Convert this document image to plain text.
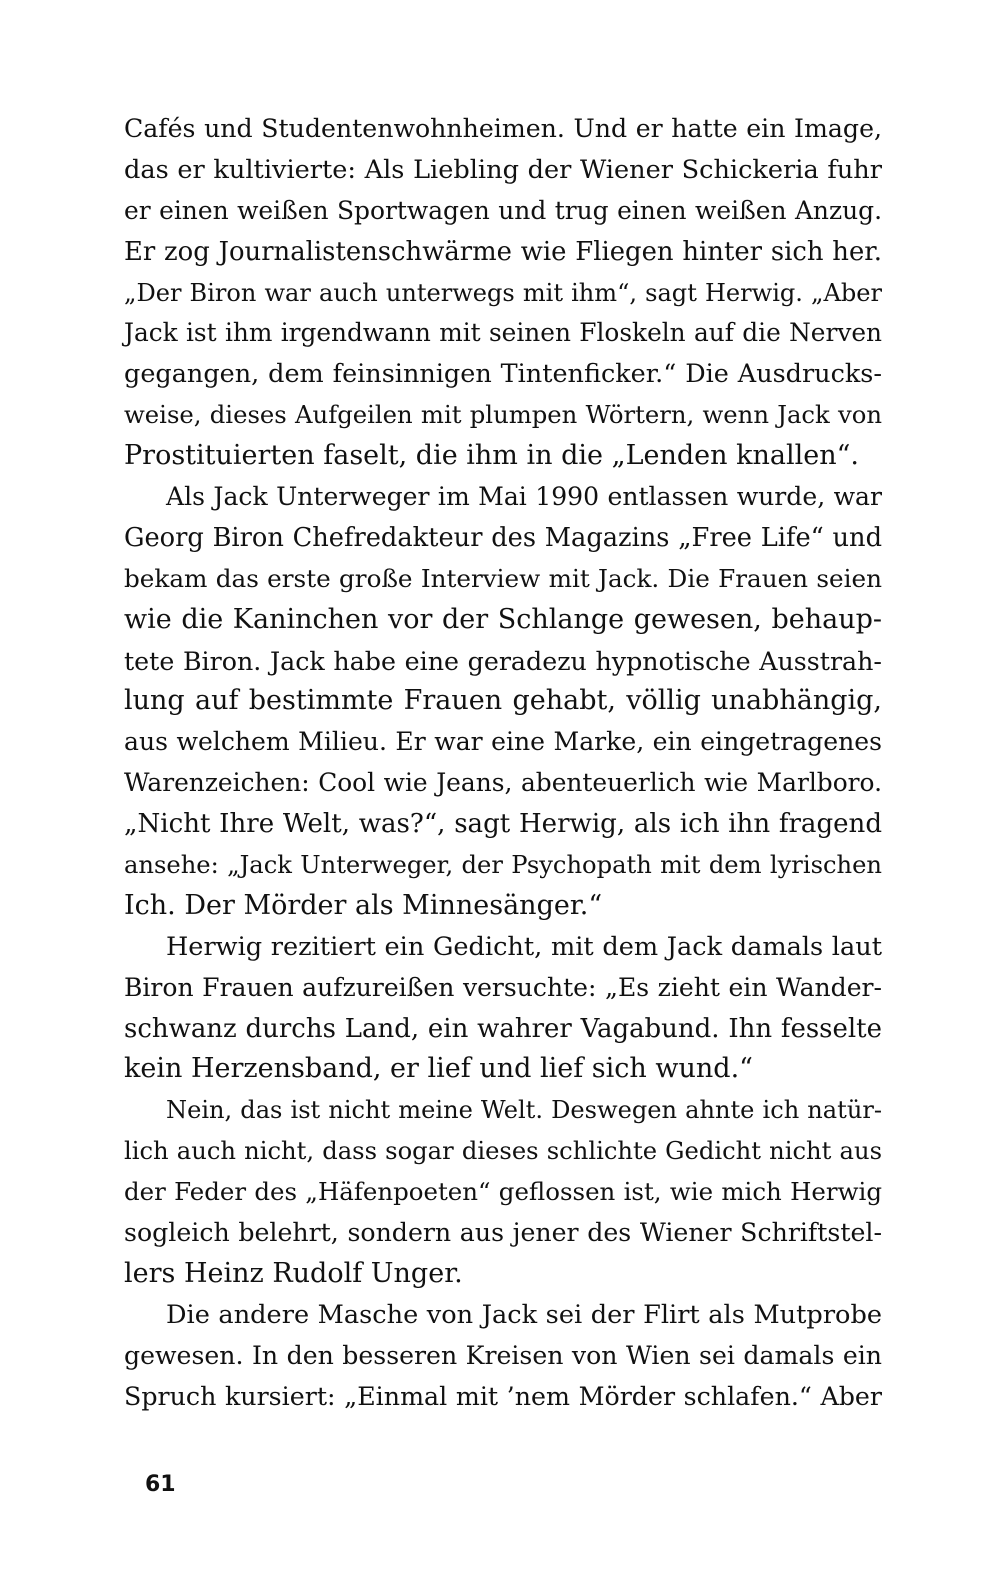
Cafés und Studentenwohnheimen. Und er hatte ein Image,
das er kultivierte: Als Liebling der Wiener Schickeria fuhr
er einen weißen Sportwagen und trug einen weißen Anzug.
Er zog Journalistenschwärme wie Fliegen hinter sich her.
„Der Biron war auch unterwegs mit ihm“, sagt Herwig. „Aber
Jack ist ihm irgendwann mit seinen Floskeln auf die Nerven
gegangen, dem feinsinnigen Tintenficker.“ Die Ausdrucks-
weise, dieses Aufgeilen mit plumpen Wörtern, wenn Jack von
Prostituierten faselt, die ihm in die „Lenden knallen“.
Als Jack Unterweger im Mai 1990 entlassen wurde, war
Georg Biron Chefredakteur des Magazins „Free Life“ und
bekam das erste große Interview mit Jack. Die Frauen seien
wie die Kaninchen vor der Schlange gewesen, behaup-
tete Biron. Jack habe eine geradezu hypnotische Ausstrah-
lung auf bestimmte Frauen gehabt, völlig unabhängig,
aus welchem Milieu. Er war eine Marke, ein eingetragenes
Warenzeichen: Cool wie Jeans, abenteuerlich wie Marlboro.
„Nicht Ihre Welt, was?“, sagt Herwig, als ich ihn fragend
ansehe: „Jack Unterweger, der Psychopath mit dem lyrischen
Ich. Der Mörder als Minnesänger.“
Herwig rezitiert ein Gedicht, mit dem Jack damals laut
Biron Frauen aufzureißen versuchte: „Es zieht ein Wander-
schwanz durchs Land, ein wahrer Vagabund. Ihn fesselte
kein Herzensband, er lief und lief sich wund.“
Nein, das ist nicht meine Welt. Deswegen ahnte ich natür-
lich auch nicht, dass sogar dieses schlichte Gedicht nicht aus
der Feder des „Häfenpoeten“ geflossen ist, wie mich Herwig
sogleich belehrt, sondern aus jener des Wiener Schriftstel-
lers Heinz Rudolf Unger.
Die andere Masche von Jack sei der Flirt als Mutprobe
gewesen. In den besseren Kreisen von Wien sei damals ein
Spruch kursiert: „Einmal mit ’nem Mörder schlafen.“ Aber
61
